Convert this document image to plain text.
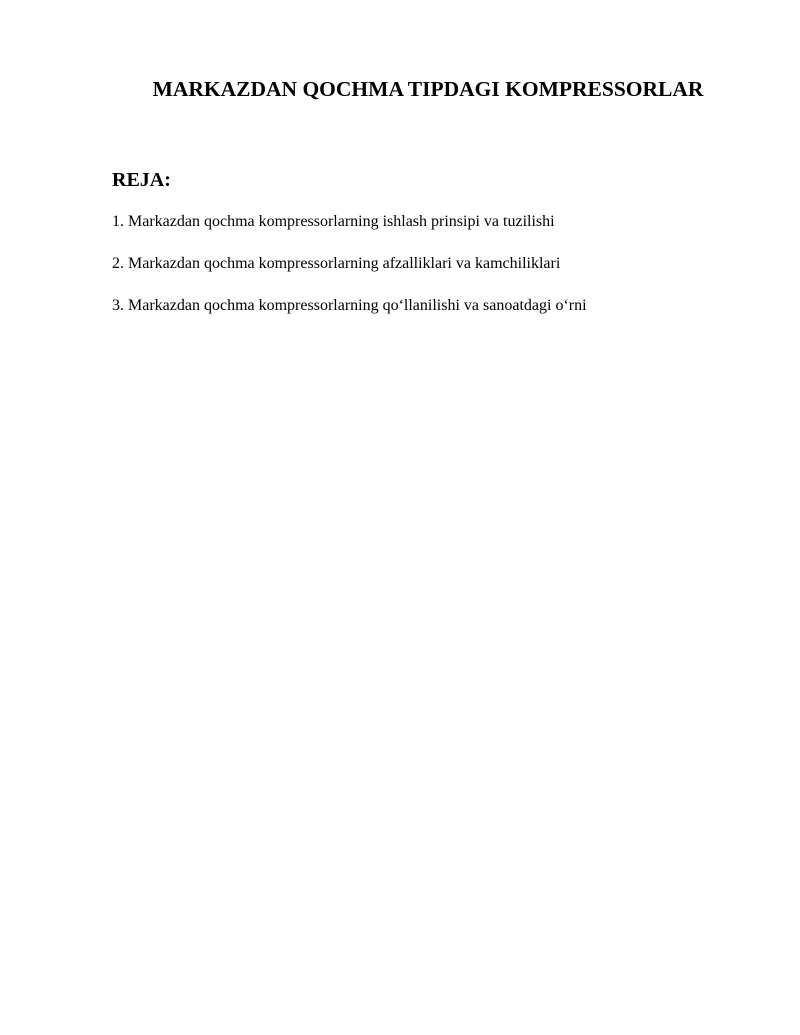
MARKAZDAN QOCHMA TIPDAGI KOMPRESSORLAR
REJA:
1. Markazdan qochma kompressorlarning ishlash prinsipi va tuzilishi
2. Markazdan qochma kompressorlarning afzalliklari va kamchiliklari
3. Markazdan qochma kompressorlarning qo‘llanilishi va sanoatdagi o‘rni
